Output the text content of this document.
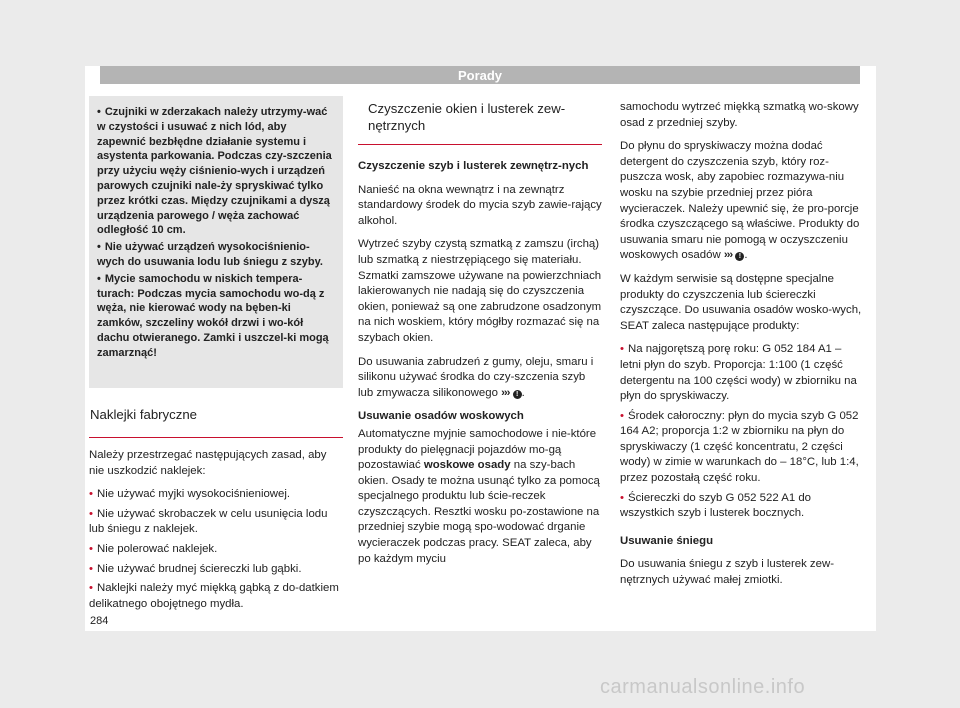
Porady

• Czujniki w zderzakach należy utrzymy-wać w czystości i usuwać z nich lód, aby zapewnić bezbłędne działanie systemu i asystenta parkowania. Podczas czy-szczenia przy użyciu węży ciśnienio-wych i urządzeń parowych czujniki nale-ży spryskiwać tylko przez krótki czas. Między czujnikami a dyszą urządzenia parowego / węża zachować odległość 10 cm.

• Nie używać urządzeń wysokociśnienio-wych do usuwania lodu lub śniegu z szyby.

• Mycie samochodu w niskich tempera-turach: Podczas mycia samochodu wo-dą z węża, nie kierować wody na bęben-ki zamków, szczeliny wokół drzwi i wo-kół dachu otwieranego. Zamki i uszczel-ki mogą zamarznąć!

Naklejki fabryczne

Należy przestrzegać następujących zasad, aby nie uszkodzić naklejek:

• Nie używać myjki wysokociśnieniowej.

• Nie używać skrobaczek w celu usunięcia lodu lub śniegu z naklejek.

• Nie polerować naklejek.

• Nie używać brudnej ściereczki lub gąbki.

• Naklejki należy myć miękką gąbką z do-datkiem delikatnego obojętnego mydła.

Czyszczenie okien i lusterek zew-nętrznych

Czyszczenie szyb i lusterek zewnętrz-nych

Nanieść na okna wewnątrz i na zewnątrz standardowy środek do mycia szyb zawie-rający alkohol.

Wytrzeć szyby czystą szmatką z zamszu (irchą) lub szmatką z niestrzępiącego się materiału. Szmatki zamszowe używane na powierzchniach lakierowanych nie nadają się do czyszczenia okien, ponieważ są one zabrudzone osadzonym na nich woskiem, który mógłby rozmazać się na szybach okien.

Do usuwania zabrudzeń z gumy, oleju, smaru i silikonu używać środka do czy-szczenia szyb lub zmywacza silikonowego ››› ! .

Usuwanie osadów woskowych

Automatyczne myjnie samochodowe i nie-które produkty do pielęgnacji pojazdów mo-gą pozostawiać woskowe osady na szy-bach okien. Osady te można usunąć tylko za pomocą specjalnego produktu lub ście-reczek czyszczących. Resztki wosku po-zostawione na przedniej szybie mogą spo-wodować drganie wycieraczek podczas pracy. SEAT zaleca, aby po każdym myciu

samochodu wytrzeć miękką szmatką wo-skowy osad z przedniej szyby.

Do płynu do spryskiwaczy można dodać detergent do czyszczenia szyb, który roz-puszcza wosk, aby zapobiec rozmazywa-niu wosku na szybie przedniej przez pióra wycieraczek. Należy upewnić się, że pro-porcje środka czyszczącego są właściwe. Produkty do usuwania smaru nie pomogą w oczyszczeniu woskowych osadów ››› ! .

W każdym serwisie są dostępne specjalne produkty do czyszczenia lub ściereczki czyszczące. Do usuwania osadów wosko-wych, SEAT zaleca następujące produkty:

• Na najgorętszą porę roku: G 052 184 A1 – letni płyn do szyb. Proporcja: 1:100 (1 część detergentu na 100 części wody) w zbiorniku na płyn do spryskiwaczy.

• Środek całoroczny: płyn do mycia szyb G 052 164 A2; proporcja 1:2 w zbiorniku na płyn do spryskiwaczy (1 część koncentratu, 2 części wody) w zimie w warunkach do – 18°C, lub 1:4, przez pozostałą część roku.

• Ściereczki do szyb G 052 522 A1 do wszystkich szyb i lusterek bocznych.

Usuwanie śniegu

Do usuwania śniegu z szyb i lusterek zew-nętrznych używać małej zmiotki.

284
carmanualsonline.info
